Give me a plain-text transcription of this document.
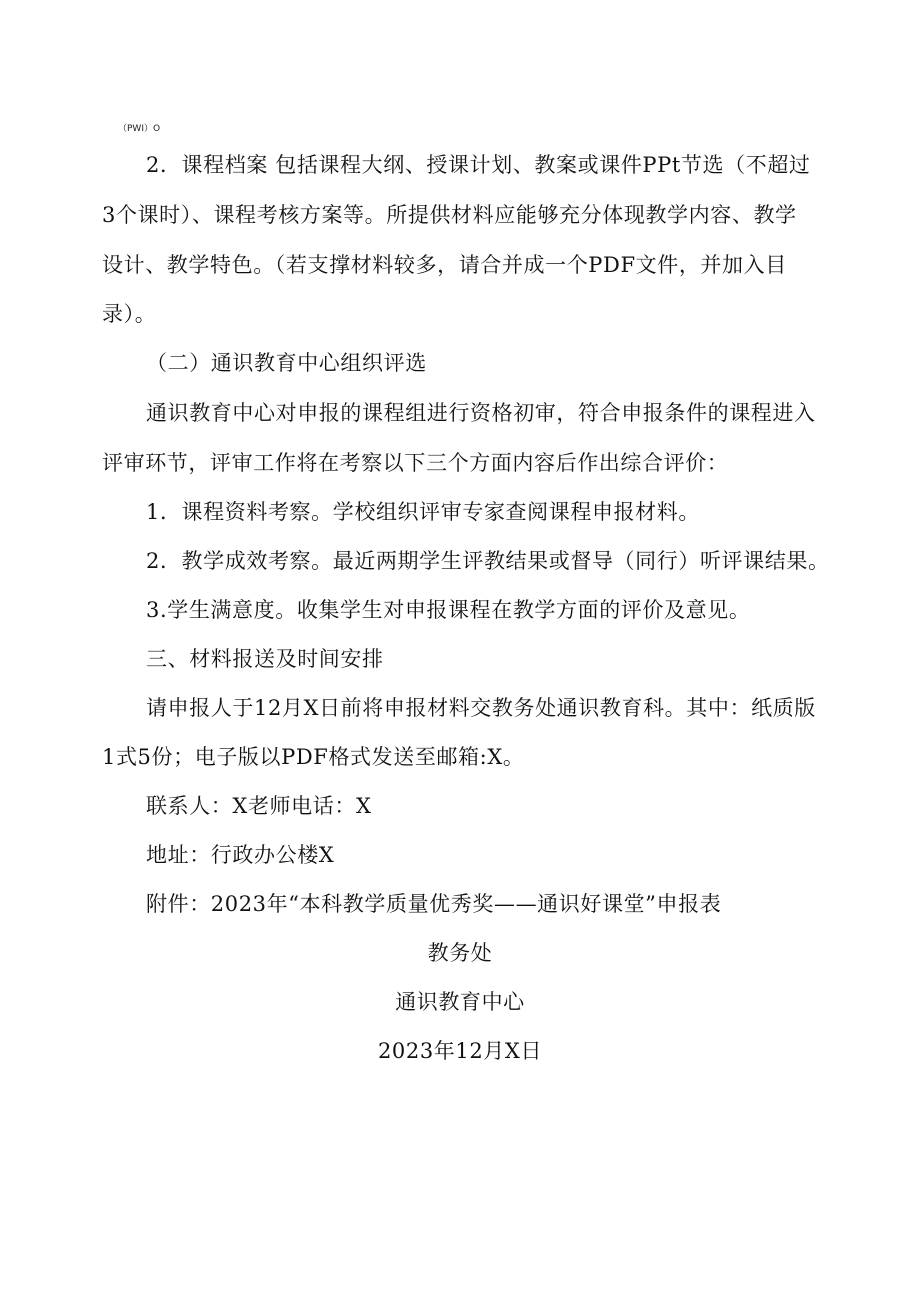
（PWI）O
2．课程档案 包括课程大纲、授课计划、教案或课件PPt节选（不超过
3个课时）、课程考核方案等。所提供材料应能够充分体现教学内容、教学
设计、教学特色。（若支撑材料较多，请合并成一个PDF文件，并加入目
录）。
（二）通识教育中心组织评选
通识教育中心对申报的课程组进行资格初审，符合申报条件的课程进入
评审环节，评审工作将在考察以下三个方面内容后作出综合评价：
1．课程资料考察。学校组织评审专家查阅课程申报材料。
2．教学成效考察。最近两期学生评教结果或督导（同行）听评课结果。
3.学生满意度。收集学生对申报课程在教学方面的评价及意见。
三、材料报送及时间安排
请申报人于12月X日前将申报材料交教务处通识教育科。其中：纸质版
1式5份；电子版以PDF格式发送至邮箱:X。
联系人：X老师电话：X
地址：行政办公楼X
附件：2023年“本科教学质量优秀奖——通识好课堂”申报表
教务处
通识教育中心
2023年12月X日
